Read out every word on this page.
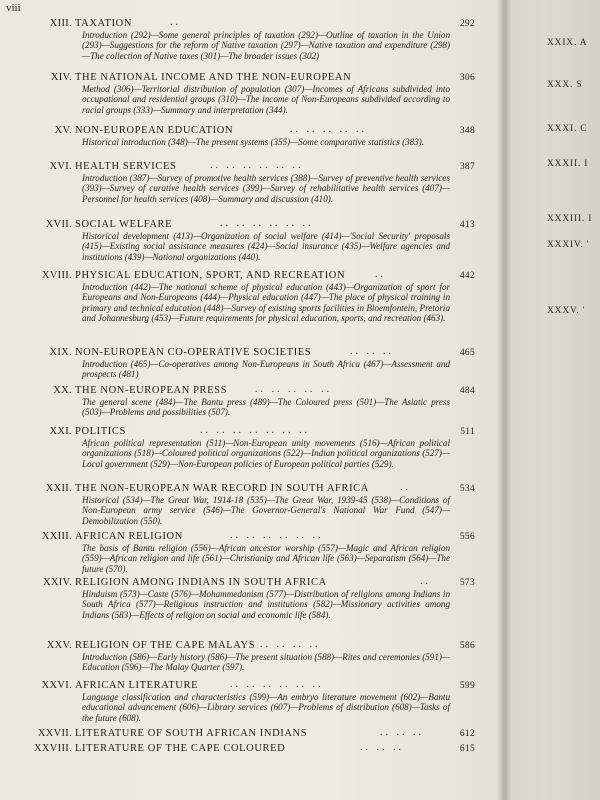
viii
XIII. TAXATION	..	292
Introduction (292)—Some general principles of taxation (292)—Outline of taxation in the Union (293)—Suggestions for the reform of Native taxation (297)—Native taxation and expenditure (298)—The collection of Native taxes (301)—The broader issues (302)
XIV. THE NATIONAL INCOME AND THE NON-EUROPEAN	306
Method (306)—Territorial distribution of population (307)—Incomes of Africans subdivided into occupational and residential groups (310)—The income of Non-Europeans subdivided according to racial groups (333)—Summary and interpretation (344).
XV. NON-EUROPEAN EDUCATION	.. .. .. .. ..	348
Historical introduction (348)—The present systems (355)—Some comparative statistics (383).
XVI. HEALTH SERVICES	.. .. .. .. .. ..	387
Introduction (387)—Survey of promotive health services (388)—Survey of preventive health services (393)—Survey of curative health services (399)—Survey of rehabilitative health services (407)—Personnel for health services (408)—Summary and discussion (410).
XVII. SOCIAL WELFARE	.. .. .. .. .. ..	413
Historical development (413)—Organization of social welfare (414)—'Social Security' proposals (415)—Existing social assistance measures (424)—Social insurance (435)—Welfare agencies and institutions (439)—National organizations (440).
XVIII. PHYSICAL EDUCATION, SPORT, AND RECREATION	..	442
Introduction (442)—The national scheme of physical education (443)—Organization of sport for Europeans and Non-Europeans (444)—Physical education (447)—The place of physical training in primary and technical education (448)—Survey of existing sports facilities in Bloemfontein, Pretoria and Johannesburg (453)—Future requirements for physical education, sports, and recreation (463).
XIX. NON-EUROPEAN CO-OPERATIVE SOCIETIES	.. .. ..	465
Introduction (465)—Co-operatives among Non-Europeans in South Africa (467)—Assessment and prospects (481)
XX. THE NON-EUROPEAN PRESS	.. .. .. .. ..	484
The general scene (484)—The Bantu press (489)—The Coloured press (501)—The Asiatic press (503)—Problems and possibilities (507).
XXI. POLITICS	.. .. .. .. .. .. ..	511
African political representation (511)—Non-European unity movements (516)—African political organizations (518)—Coloured political organizations (522)—Indian political organizations (527)—Local government (529)—Non-European policies of European political parties (529).
XXII. THE NON-EUROPEAN WAR RECORD IN SOUTH AFRICA	..	534
Historical (534)—The Great War, 1914-18 (535)—The Great War, 1939-45 (538)—Conditions of Non-European army service (546)—The Governor-General's National War Fund (547)—Demobilization (550).
XXIII. AFRICAN RELIGION	.. .. .. .. .. ..	556
The basis of Bantu religion (556)—African ancestor worship (557)—Magic and African religion (559)—African religion and life (561)—Christianity and African life (563)—Separatism (564)—The future (570).
XXIV. RELIGION AMONG INDIANS IN SOUTH AFRICA	..	573
Hinduism (573)—Caste (576)—Mohammedanism (577)—Distribution of religions among Indians in South Africa (577)—Religious instruction and institutions (582)—Missionary activities among Indians (583)—Effects of religion on social and economic life (584).
XXV. RELIGION OF THE CAPE MALAYS .. .. .. ..	586
Introduction (586)—Early history (586)—The present situation (588)—Rites and ceremonies (591)—Education (596)—The Malay Quarter (597).
XXVI. AFRICAN LITERATURE	.. .. .. .. .. ..	599
Language classification and characteristics (599)—An embryo literature movement (602)—Bantu educational advancement (606)—Library services (607)—Problems of distribution (608)—Tasks of the future (608).
XXVII. LITERATURE OF SOUTH AFRICAN INDIANS	.. .. ..	612
XXVIII. LITERATURE OF THE CAPE COLOURED	.. .. ..	615
XXIX. A
XXX. S
XXXI. C
XXXII. I
XXXIII. I
XXXIV. '
XXXV. '
